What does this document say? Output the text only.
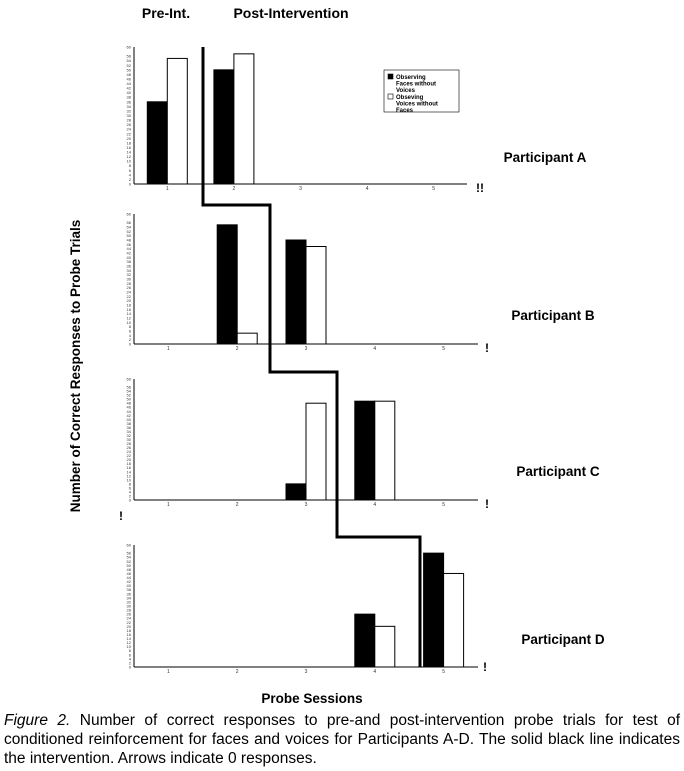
Pre-Int.	Post-Intervention
Number of Correct Responses to Probe Trials
Probe Sessions
0
2
4
6
8
10
12
14
16
18
20
22
24
26
28
30
32
34
36
38
40
42
44
46
48
50
52
54
56
60
1	2	3	4	5
Participant A
!!
0
2
4
6
8
10
12
14
16
18
20
22
24
26
28
30
32
34
36
38
40
42
44
46
48
50
52
54
56
60
1	2	3	4	5
Participant B
!
0
2
4
6
8
10
12
14
16
18
20
22
24
26
28
30
32
34
36
38
40
42
44
46
48
50
52
54
56
60
1	2	3	4	5
Participant C
!
!
0
2
4
6
8
10
12
14
16
18
20
22
24
26
28
30
32
34
36
38
40
42
44
46
48
50
52
54
56
60
1	2	3	4	5
Participant D
!
Observing
Faces without
Voices
Obseving
Voices without
Faces
Figure 2. Number of correct responses to pre-and post-intervention probe trials for test of conditioned reinforcement for faces and voices for Participants A-D. The solid black line indicates the intervention. Arrows indicate 0 responses.
